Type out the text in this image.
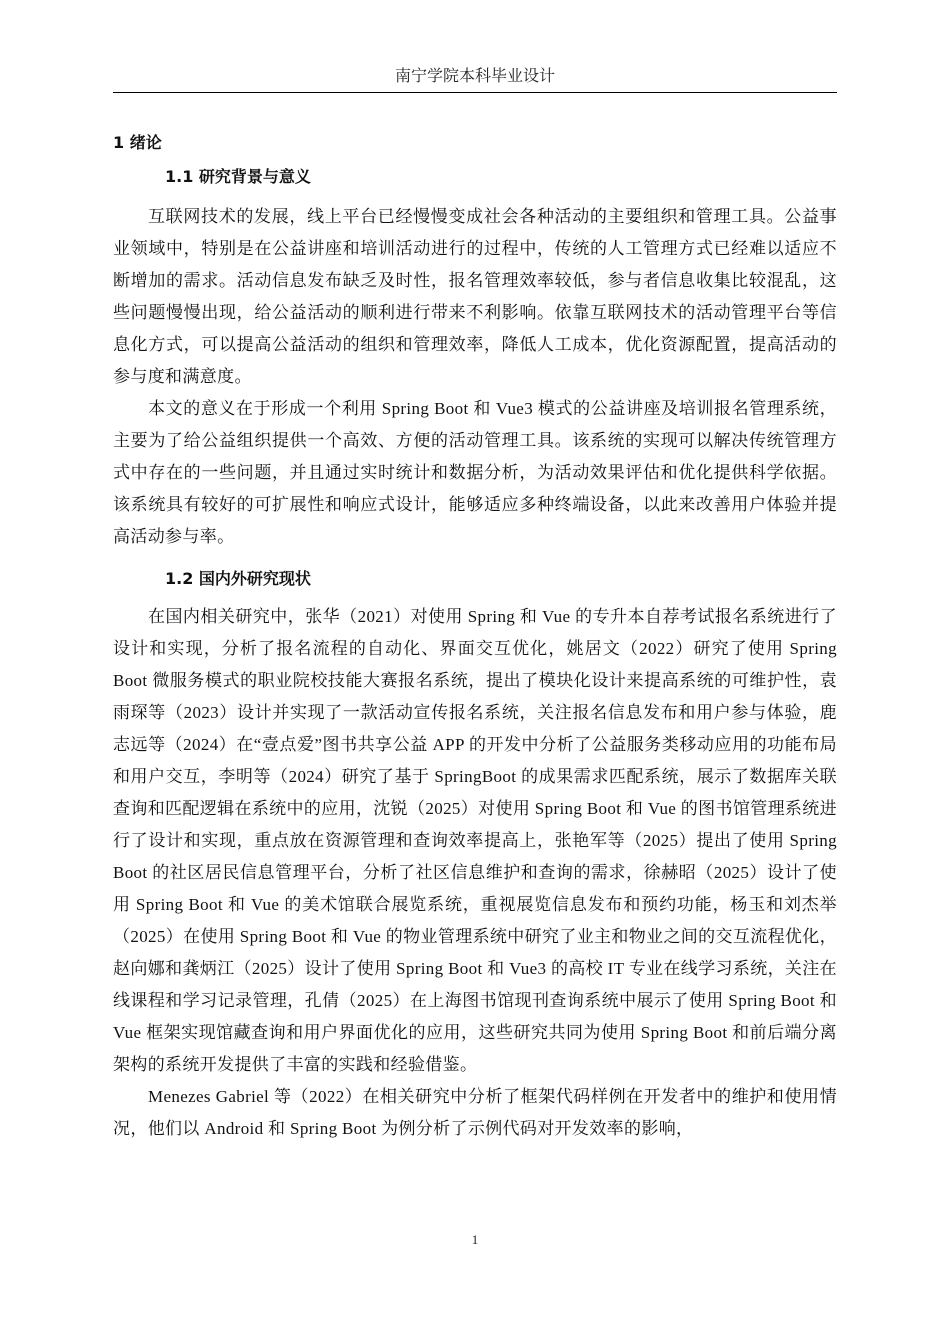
南宁学院本科毕业设计
1 绪论
1.1 研究背景与意义

互联网技术的发展，线上平台已经慢慢变成社会各种活动的主要组织和管理工具。公益事业领域中，特别是在公益讲座和培训活动进行的过程中，传统的人工管理方式已经难以适应不断增加的需求。活动信息发布缺乏及时性，报名管理效率较低，参与者信息收集比较混乱，这些问题慢慢出现，给公益活动的顺利进行带来不利影响。依靠互联网技术的活动管理平台等信息化方式，可以提高公益活动的组织和管理效率，降低人工成本，优化资源配置，提高活动的参与度和满意度。

本文的意义在于形成一个利用 Spring Boot 和 Vue3 模式的公益讲座及培训报名管理系统，主要为了给公益组织提供一个高效、方便的活动管理工具。该系统的实现可以解决传统管理方式中存在的一些问题，并且通过实时统计和数据分析，为活动效果评估和优化提供科学依据。该系统具有较好的可扩展性和响应式设计，能够适应多种终端设备，以此来改善用户体验并提高活动参与率。

1.2 国内外研究现状

在国内相关研究中，张华（2021）对使用 Spring 和 Vue 的专升本自荐考试报名系统进行了设计和实现，分析了报名流程的自动化、界面交互优化，姚居文（2022）研究了使用 Spring Boot 微服务模式的职业院校技能大赛报名系统，提出了模块化设计来提高系统的可维护性，袁雨琛等（2023）设计并实现了一款活动宣传报名系统，关注报名信息发布和用户参与体验，鹿志远等（2024）在“壹点爱”图书共享公益 APP 的开发中分析了公益服务类移动应用的功能布局和用户交互，李明等（2024）研究了基于 SpringBoot 的成果需求匹配系统，展示了数据库关联查询和匹配逻辑在系统中的应用，沈锐（2025）对使用 Spring Boot 和 Vue 的图书馆管理系统进行了设计和实现，重点放在资源管理和查询效率提高上，张艳军等（2025）提出了使用 Spring Boot 的社区居民信息管理平台，分析了社区信息维护和查询的需求，徐赫昭（2025）设计了使用 Spring Boot 和 Vue 的美术馆联合展览系统，重视展览信息发布和预约功能，杨玉和刘杰举（2025）在使用 Spring Boot 和 Vue 的物业管理系统中研究了业主和物业之间的交互流程优化，赵向娜和龚炳江（2025）设计了使用 Spring Boot 和 Vue3 的高校 IT 专业在线学习系统，关注在线课程和学习记录管理，孔倩（2025）在上海图书馆现刊查询系统中展示了使用 Spring Boot 和 Vue 框架实现馆藏查询和用户界面优化的应用，这些研究共同为使用 Spring Boot 和前后端分离架构的系统开发提供了丰富的实践和经验借鉴。

Menezes Gabriel 等（2022）在相关研究中分析了框架代码样例在开发者中的维护和使用情况，他们以 Android 和 Spring Boot 为例分析了示例代码对开发效率的影响，

1
